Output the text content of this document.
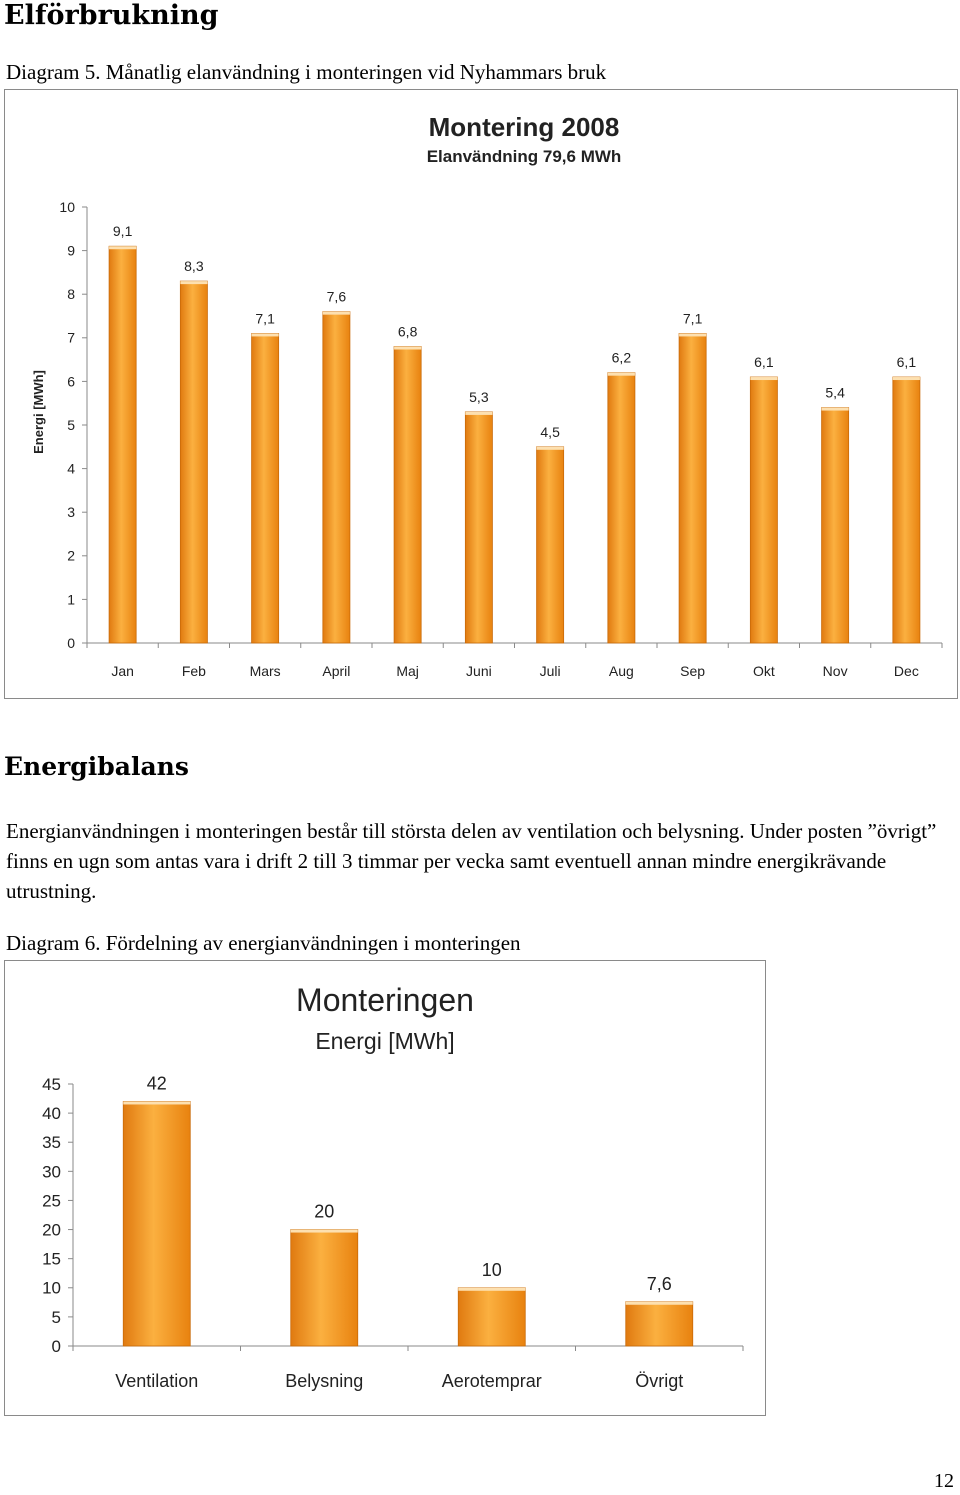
Elförbrukning
Diagram 5. Månatlig elanvändning i monteringen vid Nyhammars bruk
Montering 2008
Elanvändning 79,6 MWh
Energi [MWh]
0
1
2
3
4
5
6
7
8
9
10
9,1
Jan
8,3
Feb
7,1
Mars
7,6
April
6,8
Maj
5,3
Juni
4,5
Juli
6,2
Aug
7,1
Sep
6,1
Okt
5,4
Nov
6,1
Dec
Energibalans

Energianvändningen i monteringen består till största delen av ventilation och belysning. Under posten ”övrigt” finns en ugn som antas vara i drift 2 till 3 timmar per vecka samt eventuell annan mindre energikrävande utrustning.

Diagram 6. Fördelning av energianvändningen i monteringen
Monteringen
Energi [MWh]
0
5
10
15
20
25
30
35
40
45	42
Ventilation
20
Belysning
10
Aerotemprar
7,6
Övrigt
12
